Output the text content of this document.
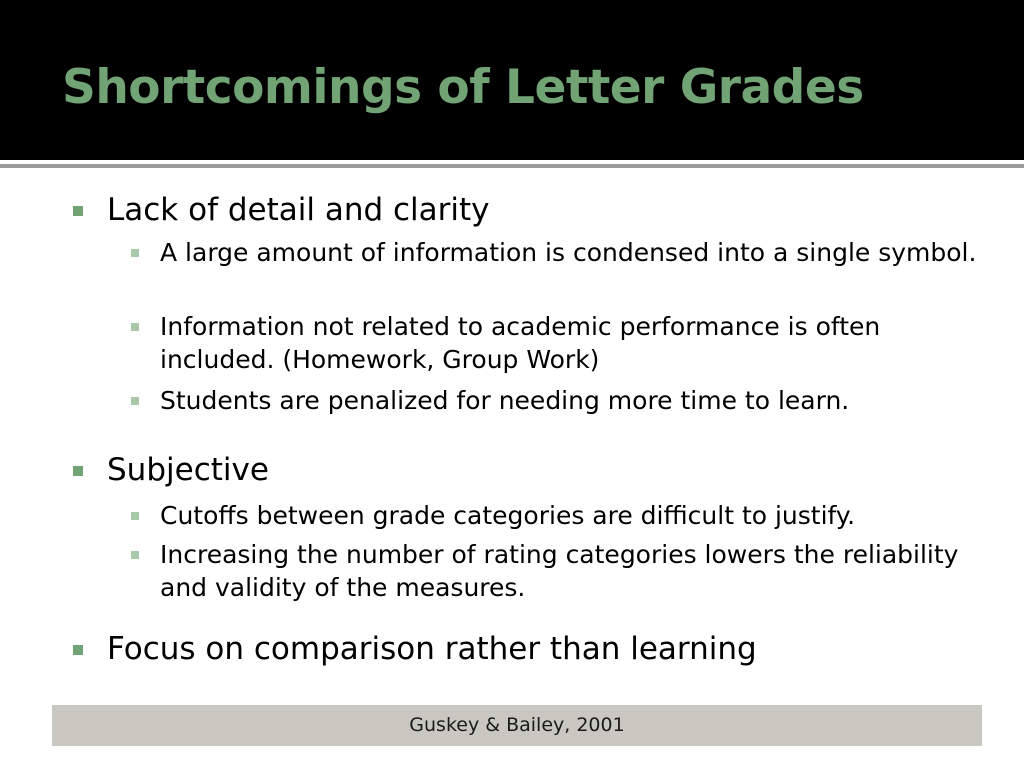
Shortcomings of Letter Grades
Lack of detail and clarity
A large amount of information is condensed into a single symbol.
Information not related to academic performance is often included. (Homework, Group Work)
Students are penalized for needing more time to learn.
Subjective
Cutoffs between grade categories are difficult to justify.
Increasing the number of rating categories lowers the reliability and validity of the measures.
Focus on comparison rather than learning
Guskey & Bailey, 2001
